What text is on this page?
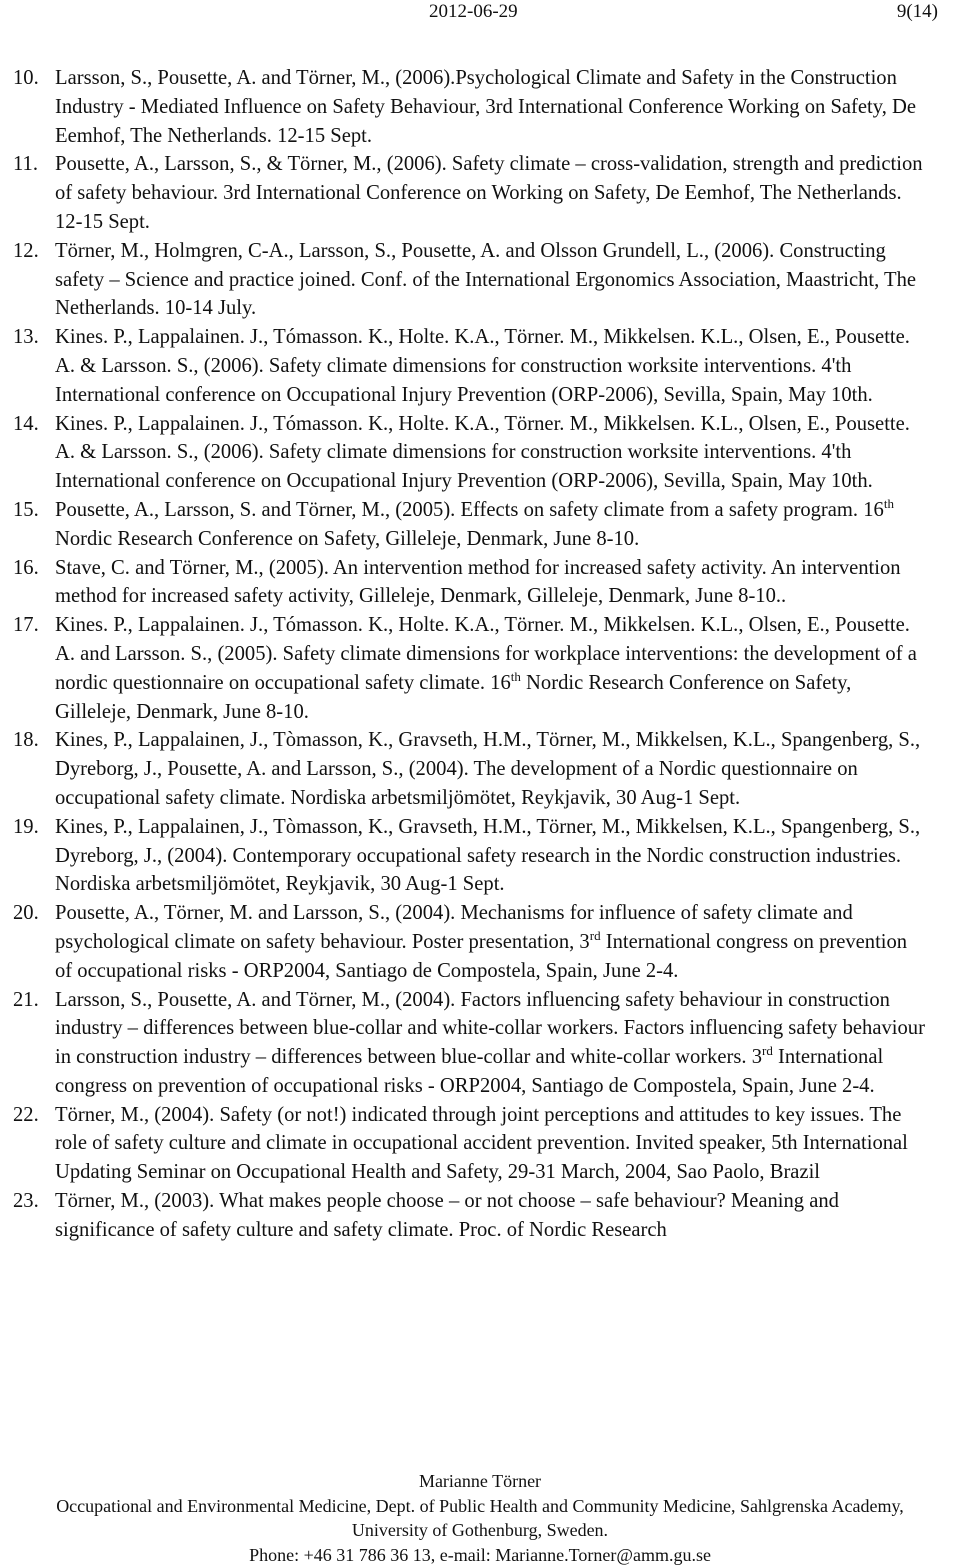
2012-06-29	9(14)
10. Larsson, S., Pousette, A. and Törner, M., (2006).Psychological Climate and Safety in the Construction Industry - Mediated Influence on Safety Behaviour, 3rd International Conference Working on Safety, De Eemhof, The Netherlands. 12-15 Sept.
11. Pousette, A., Larsson, S., & Törner, M., (2006). Safety climate – cross-validation, strength and prediction of safety behaviour. 3rd International Conference on Working on Safety, De Eemhof, The Netherlands. 12-15 Sept.
12. Törner, M., Holmgren, C-A., Larsson, S., Pousette, A. and Olsson Grundell, L., (2006). Constructing safety – Science and practice joined. Conf. of the International Ergonomics Association, Maastricht, The Netherlands. 10-14 July.
13. Kines. P., Lappalainen. J., Tómasson. K., Holte. K.A., Törner. M., Mikkelsen. K.L., Olsen, E., Pousette. A. & Larsson. S., (2006). Safety climate dimensions for construction worksite interventions. 4'th International conference on Occupational Injury Prevention (ORP-2006), Sevilla, Spain, May 10th.
14. Kines. P., Lappalainen. J., Tómasson. K., Holte. K.A., Törner. M., Mikkelsen. K.L., Olsen, E., Pousette. A. & Larsson. S., (2006). Safety climate dimensions for construction worksite interventions. 4'th International conference on Occupational Injury Prevention (ORP-2006), Sevilla, Spain, May 10th.
15. Pousette, A., Larsson, S. and Törner, M., (2005). Effects on safety climate from a safety program. 16th Nordic Research Conference on Safety, Gilleleje, Denmark, June 8-10.
16. Stave, C. and Törner, M., (2005). An intervention method for increased safety activity. An intervention method for increased safety activity, Gilleleje, Denmark, Gilleleje, Denmark, June 8-10..
17. Kines. P., Lappalainen. J., Tómasson. K., Holte. K.A., Törner. M., Mikkelsen. K.L., Olsen, E., Pousette. A. and Larsson. S., (2005). Safety climate dimensions for workplace interventions: the development of a nordic questionnaire on occupational safety climate. 16th Nordic Research Conference on Safety, Gilleleje, Denmark, June 8-10.
18. Kines, P., Lappalainen, J., Tòmasson, K., Gravseth, H.M., Törner, M., Mikkelsen, K.L., Spangenberg, S., Dyreborg, J., Pousette, A. and Larsson, S., (2004). The development of a Nordic questionnaire on occupational safety climate. Nordiska arbetsmiljömötet, Reykjavik, 30 Aug-1 Sept.
19. Kines, P., Lappalainen, J., Tòmasson, K., Gravseth, H.M., Törner, M., Mikkelsen, K.L., Spangenberg, S., Dyreborg, J., (2004). Contemporary occupational safety research in the Nordic construction industries. Nordiska arbetsmiljömötet, Reykjavik, 30 Aug-1 Sept.
20. Pousette, A., Törner, M. and Larsson, S., (2004). Mechanisms for influence of safety climate and psychological climate on safety behaviour. Poster presentation, 3rd International congress on prevention of occupational risks - ORP2004, Santiago de Compostela, Spain, June 2-4.
21. Larsson, S., Pousette, A. and Törner, M., (2004). Factors influencing safety behaviour in construction industry – differences between blue-collar and white-collar workers. Factors influencing safety behaviour in construction industry – differences between blue-collar and white-collar workers. 3rd International congress on prevention of occupational risks - ORP2004, Santiago de Compostela, Spain, June 2-4.
22. Törner, M., (2004). Safety (or not!) indicated through joint perceptions and attitudes to key issues. The role of safety culture and climate in occupational accident prevention. Invited speaker, 5th International Updating Seminar on Occupational Health and Safety, 29-31 March, 2004, Sao Paolo, Brazil
23. Törner, M., (2003). What makes people choose – or not choose – safe behaviour? Meaning and significance of safety culture and safety climate. Proc. of Nordic Research
Marianne Törner
Occupational and Environmental Medicine, Dept. of Public Health and Community Medicine, Sahlgrenska Academy,
University of Gothenburg, Sweden.
Phone: +46 31 786 36 13, e-mail: Marianne.Torner@amm.gu.se
